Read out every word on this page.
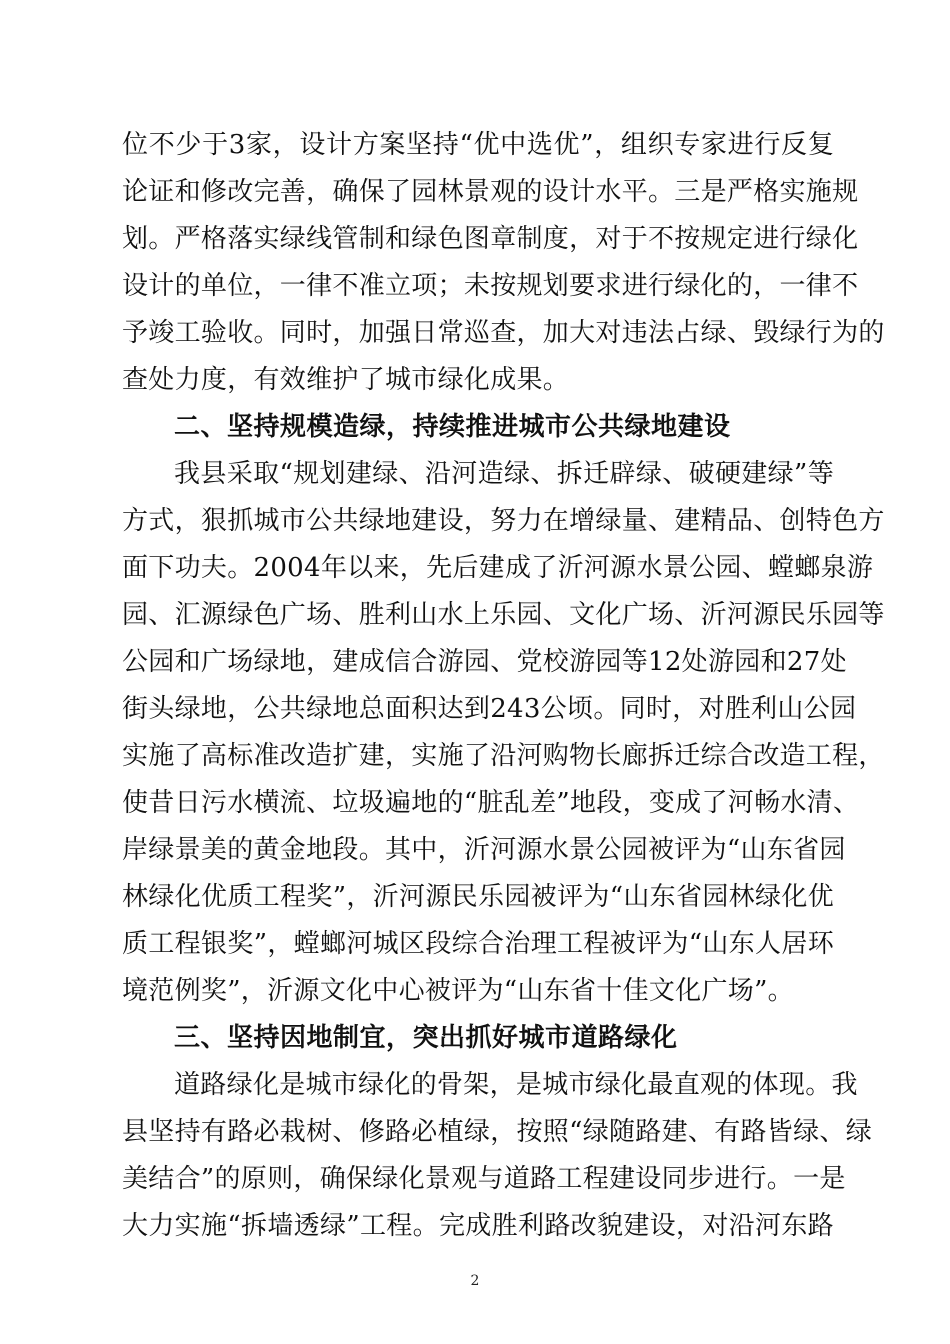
位不少于3家，设计方案坚持“优中选优”，组织专家进行反复
论证和修改完善，确保了园林景观的设计水平。三是严格实施规
划。严格落实绿线管制和绿色图章制度，对于不按规定进行绿化
设计的单位，一律不准立项；未按规划要求进行绿化的，一律不
予竣工验收。同时，加强日常巡查，加大对违法占绿、毁绿行为的
查处力度，有效维护了城市绿化成果。
二、坚持规模造绿，持续推进城市公共绿地建设
我县采取“规划建绿、沿河造绿、拆迁辟绿、破硬建绿”等
方式，狠抓城市公共绿地建设，努力在增绿量、建精品、创特色方
面下功夫。2004年以来，先后建成了沂河源水景公园、螳螂泉游
园、汇源绿色广场、胜利山水上乐园、文化广场、沂河源民乐园等
公园和广场绿地，建成信合游园、党校游园等12处游园和27处
街头绿地，公共绿地总面积达到243公顷。同时，对胜利山公园
实施了高标准改造扩建，实施了沿河购物长廊拆迁综合改造工程，
使昔日污水横流、垃圾遍地的“脏乱差”地段，变成了河畅水清、
岸绿景美的黄金地段。其中，沂河源水景公园被评为“山东省园
林绿化优质工程奖”，沂河源民乐园被评为“山东省园林绿化优
质工程银奖”，螳螂河城区段综合治理工程被评为“山东人居环
境范例奖”，沂源文化中心被评为“山东省十佳文化广场”。
三、坚持因地制宜，突出抓好城市道路绿化
道路绿化是城市绿化的骨架，是城市绿化最直观的体现。我
县坚持有路必栽树、修路必植绿，按照“绿随路建、有路皆绿、绿
美结合”的原则，确保绿化景观与道路工程建设同步进行。一是
大力实施“拆墙透绿”工程。完成胜利路改貌建设，对沿河东路
2
